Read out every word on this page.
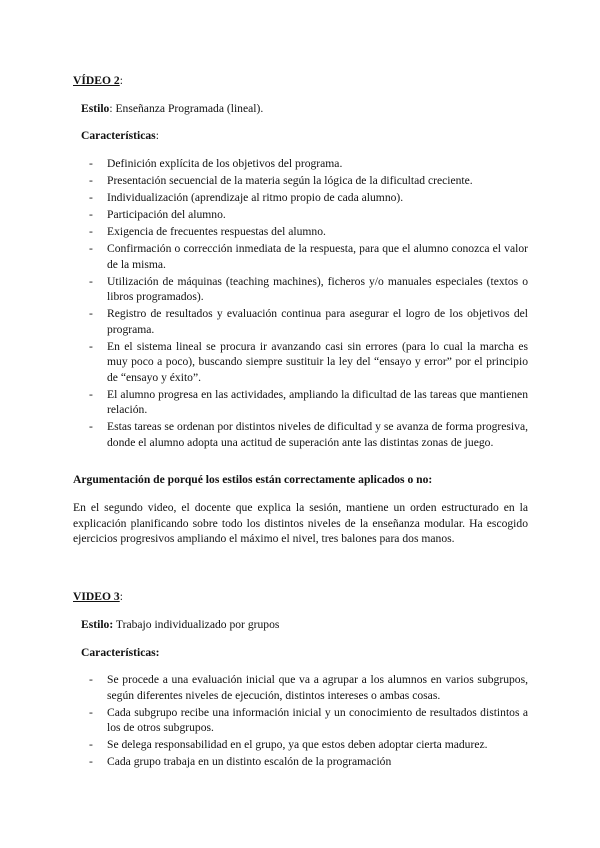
VÍDEO 2:
Estilo: Enseñanza Programada (lineal).
Características:
- Definición explícita de los objetivos del programa.
- Presentación secuencial de la materia según la lógica de la dificultad creciente.
- Individualización (aprendizaje al ritmo propio de cada alumno).
- Participación del alumno.
- Exigencia de frecuentes respuestas del alumno.
- Confirmación o corrección inmediata de la respuesta, para que el alumno conozca el valor de la misma.
- Utilización de máquinas (teaching machines), ficheros y/o manuales especiales (textos o libros programados).
- Registro de resultados y evaluación continua para asegurar el logro de los objetivos del programa.
- En el sistema lineal se procura ir avanzando casi sin errores (para lo cual la marcha es muy poco a poco), buscando siempre sustituir la ley del “ensayo y error” por el principio de “ensayo y éxito”.
- El alumno progresa en las actividades, ampliando la dificultad de las tareas que mantienen relación.
- Estas tareas se ordenan por distintos niveles de dificultad y se avanza de forma progresiva, donde el alumno adopta una actitud de superación ante las distintas zonas de juego.
Argumentación de porqué los estilos están correctamente aplicados o no:
En el segundo video, el docente que explica la sesión, mantiene un orden estructurado en la explicación planificando sobre todo los distintos niveles de la enseñanza modular. Ha escogido ejercicios progresivos ampliando el máximo el nivel, tres balones para dos manos.
VIDEO 3:
Estilo: Trabajo individualizado por grupos
Características:
- Se procede a una evaluación inicial que va a agrupar a los alumnos en varios subgrupos, según diferentes niveles de ejecución, distintos intereses o ambas cosas.
- Cada subgrupo recibe una información inicial y un conocimiento de resultados distintos a los de otros subgrupos.
- Se delega responsabilidad en el grupo, ya que estos deben adoptar cierta madurez.
- Cada grupo trabaja en un distinto escalón de la programación
